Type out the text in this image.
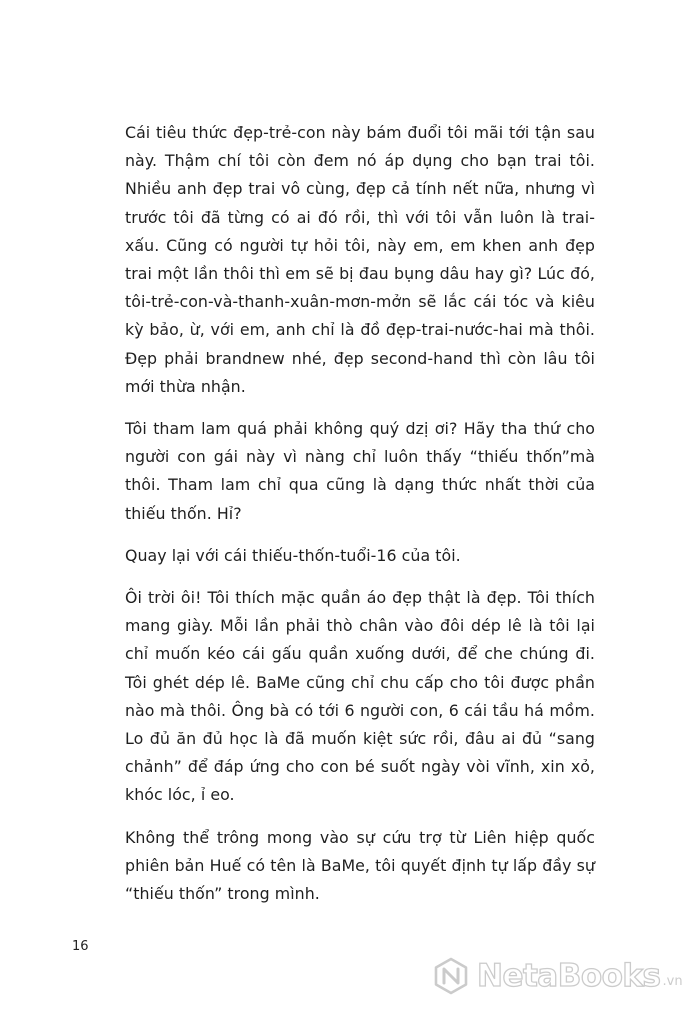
Cái tiêu thức đẹp-trẻ-con này bám đuổi tôi mãi tới tận sau này. Thậm chí tôi còn đem nó áp dụng cho bạn trai tôi. Nhiều anh đẹp trai vô cùng, đẹp cả tính nết nữa, nhưng vì trước tôi đã từng có ai đó rồi, thì với tôi vẫn luôn là trai-xấu. Cũng có người tự hỏi tôi, này em, em khen anh đẹp trai một lần thôi thì em sẽ bị đau bụng dâu hay gì? Lúc đó, tôi-trẻ-con-và-thanh-xuân-mơn-mởn sẽ lắc cái tóc và kiêu kỳ bảo, ừ, với em, anh chỉ là đồ đẹp-trai-nước-hai mà thôi. Đẹp phải brandnew nhé, đẹp second-hand thì còn lâu tôi mới thừa nhận.

Tôi tham lam quá phải không quý dzị ơi? Hãy tha thứ cho người con gái này vì nàng chỉ luôn thấy “thiếu thốn”mà thôi. Tham lam chỉ qua cũng là dạng thức nhất thời của thiếu thốn. Hỉ?

Quay lại với cái thiếu-thốn-tuổi-16 của tôi.

Ôi trời ôi! Tôi thích mặc quần áo đẹp thật là đẹp. Tôi thích mang giày. Mỗi lần phải thò chân vào đôi dép lê là tôi lại chỉ muốn kéo cái gấu quần xuống dưới, để che chúng đi. Tôi ghét dép lê. BaMe cũng chỉ chu cấp cho tôi được phần nào mà thôi. Ông bà có tới 6 người con, 6 cái tầu há mồm. Lo đủ ăn đủ học là đã muốn kiệt sức rồi, đâu ai đủ “sang chảnh” để đáp ứng cho con bé suốt ngày vòi vĩnh, xin xỏ, khóc lóc, ỉ eo.

Không thể trông mong vào sự cứu trợ từ Liên hiệp quốc phiên bản Huế có tên là BaMe, tôi quyết định tự lấp đầy sự “thiếu thốn” trong mình.

16
NetaBooks .vn
